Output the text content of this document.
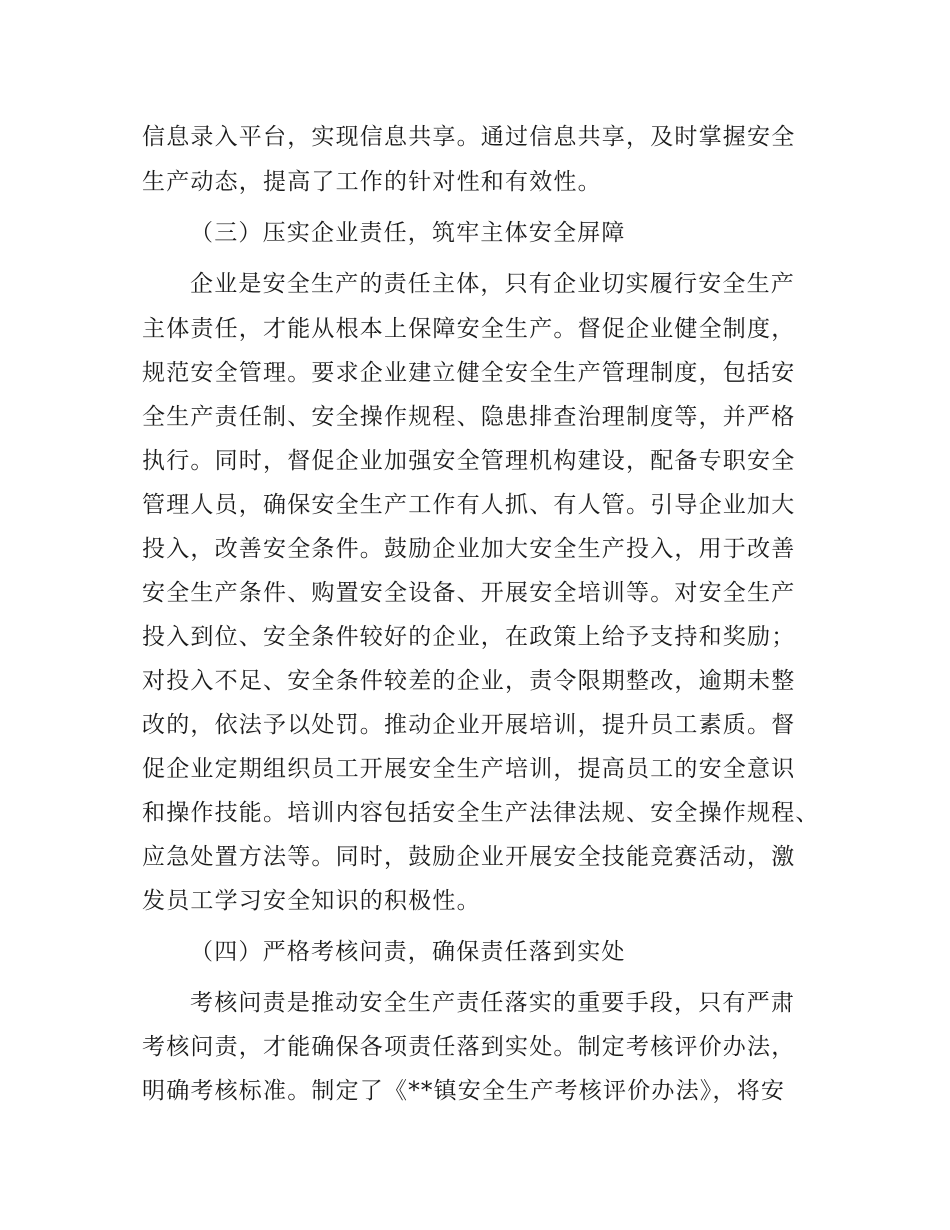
信息录入平台，实现信息共享。通过信息共享，及时掌握安全

生产动态，提高了工作的针对性和有效性。

（三）压实企业责任，筑牢主体安全屏障

企业是安全生产的责任主体，只有企业切实履行安全生产

主体责任，才能从根本上保障安全生产。督促企业健全制度，

规范安全管理。要求企业建立健全安全生产管理制度，包括安

全生产责任制、安全操作规程、隐患排查治理制度等，并严格

执行。同时，督促企业加强安全管理机构建设，配备专职安全

管理人员，确保安全生产工作有人抓、有人管。引导企业加大

投入，改善安全条件。鼓励企业加大安全生产投入，用于改善

安全生产条件、购置安全设备、开展安全培训等。对安全生产

投入到位、安全条件较好的企业，在政策上给予支持和奖励；

对投入不足、安全条件较差的企业，责令限期整改，逾期未整

改的，依法予以处罚。推动企业开展培训，提升员工素质。督

促企业定期组织员工开展安全生产培训，提高员工的安全意识

和操作技能。培训内容包括安全生产法律法规、安全操作规程、

应急处置方法等。同时，鼓励企业开展安全技能竞赛活动，激

发员工学习安全知识的积极性。

（四）严格考核问责，确保责任落到实处

考核问责是推动安全生产责任落实的重要手段，只有严肃

考核问责，才能确保各项责任落到实处。制定考核评价办法，

明确考核标准。制定了《**镇安全生产考核评价办法》，将安
